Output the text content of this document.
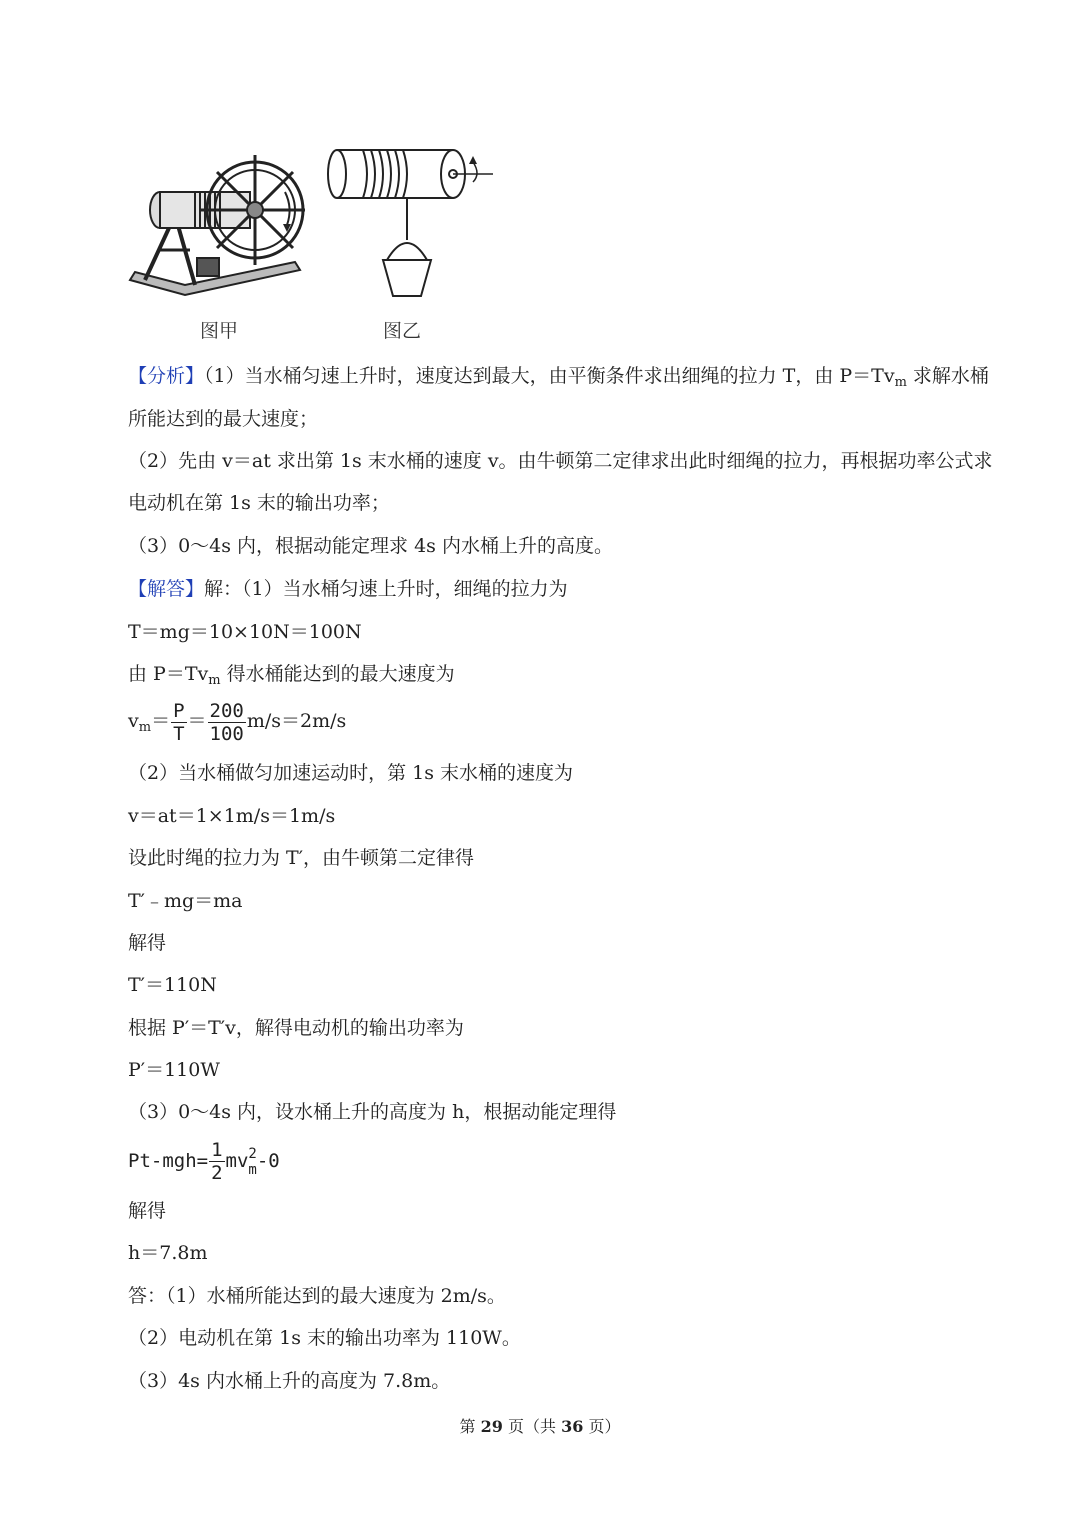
图甲	图乙
【分析】（1）当水桶匀速上升时，速度达到最大，由平衡条件求出细绳的拉力 T，由 $P=Tv_m$ 求解水桶
所能达到的最大速度；
（2）先由 v＝at 求出第 1s 末水桶的速度 v。由牛顿第二定律求出此时细绳的拉力，再根据功率公式求
电动机在第 1s 末的输出功率；
（3）0～4s 内，根据动能定理求 4s 内水桶上升的高度。
【解答】解：（1）当水桶匀速上升时，细绳的拉力为
T＝mg＝10×10N＝100N
由 $P=Tv_m$ 得水桶能达到的最大速度为
$v_m= \frac{P}{T} = \frac{200}{100} m/s=2m/s$
（2）当水桶做匀加速运动时，第 1s 末水桶的速度为
v＝at＝1×1m/s＝1m/s
设此时绳的拉力为 T′，由牛顿第二定律得
T′﹣mg＝ma
解得
T′＝110N
根据 P′＝T′v，解得电动机的输出功率为
P′＝110W
（3）0～4s 内，设水桶上升的高度为 h，根据动能定理得
$Pt-mgh= \frac{1}{2}$ mv 2
m -0
解得
h＝7.8m
答：（1）水桶所能达到的最大速度为 2m/s。
（2）电动机在第 1s 末的输出功率为 110W。
（3）4s 内水桶上升的高度为 7.8m。
第 29 页（共 36 页）
